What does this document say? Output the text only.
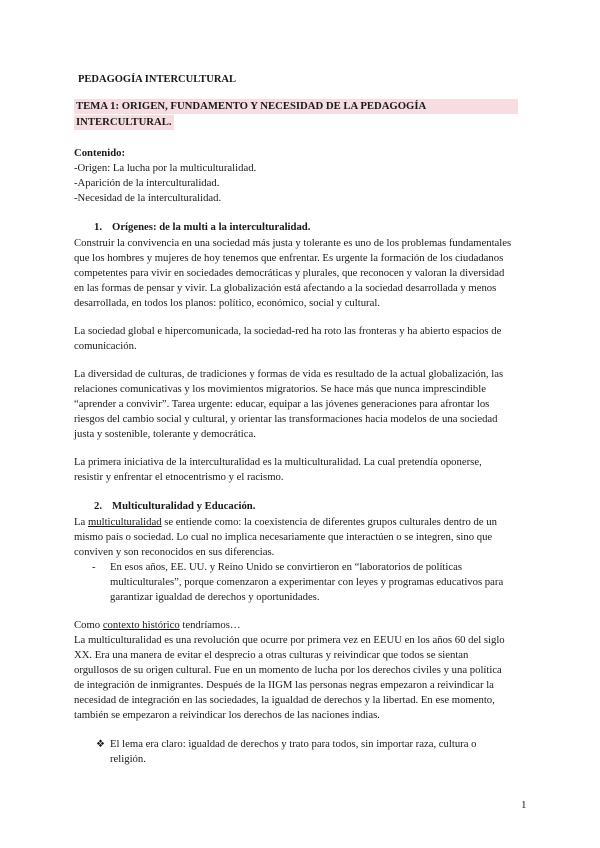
PEDAGOGÍA INTERCULTURAL
TEMA 1: ORIGEN, FUNDAMENTO Y NECESIDAD DE LA PEDAGOGÍA
INTERCULTURAL.
Contenido:
-Origen: La lucha por la multiculturalidad.
-Aparición de la interculturalidad.
-Necesidad de la interculturalidad.
1. Orígenes: de la multi a la interculturalidad.
Construir la convivencia en una sociedad más justa y tolerante es uno de los problemas fundamentales
que los hombres y mujeres de hoy tenemos que enfrentar. Es urgente la formación de los ciudadanos
competentes para vivir en sociedades democráticas y plurales, que reconocen y valoran la diversidad
en las formas de pensar y vivir. La globalización está afectando a la sociedad desarrollada y menos
desarrollada, en todos los planos: político, económico, social y cultural.
La sociedad global e hipercomunicada, la sociedad-red ha roto las fronteras y ha abierto espacios de
comunicación.
La diversidad de culturas, de tradiciones y formas de vida es resultado de la actual globalización, las
relaciones comunicativas y los movimientos migratorios. Se hace más que nunca imprescindible
“aprender a convivir”. Tarea urgente: educar, equipar a las jóvenes generaciones para afrontar los
riesgos del cambio social y cultural, y orientar las transformaciones hacia modelos de una sociedad
justa y sostenible, tolerante y democrática.
La primera iniciativa de la interculturalidad es la multiculturalidad. La cual pretendía oponerse,
resistir y enfrentar el etnocentrismo y el racismo.
2. Multiculturalidad y Educación.
La multiculturalidad se entiende como: la coexistencia de diferentes grupos culturales dentro de un
mismo país o sociedad. Lo cual no implica necesariamente que interactúen o se integren, sino que
conviven y son reconocidos en sus diferencias.
- En esos años, EE. UU. y Reino Unido se convirtieron en “laboratorios de políticas
multiculturales”, porque comenzaron a experimentar con leyes y programas educativos para
garantizar igualdad de derechos y oportunidades.
Como contexto histórico tendríamos…
La multiculturalidad es una revolución que ocurre por primera vez en EEUU en los años 60 del siglo
XX. Era una manera de evitar el desprecio a otras culturas y reivindicar que todos se sientan
orgullosos de su origen cultural. Fue en un momento de lucha por los derechos civiles y una política
de integración de inmigrantes. Después de la IIGM las personas negras empezaron a reivindicar la
necesidad de integración en las sociedades, la igualdad de derechos y la libertad. En ese momento,
también se empezaron a reivindicar los derechos de las naciones indias.
❖ El lema era claro: igualdad de derechos y trato para todos, sin importar raza, cultura o
religión.
1
